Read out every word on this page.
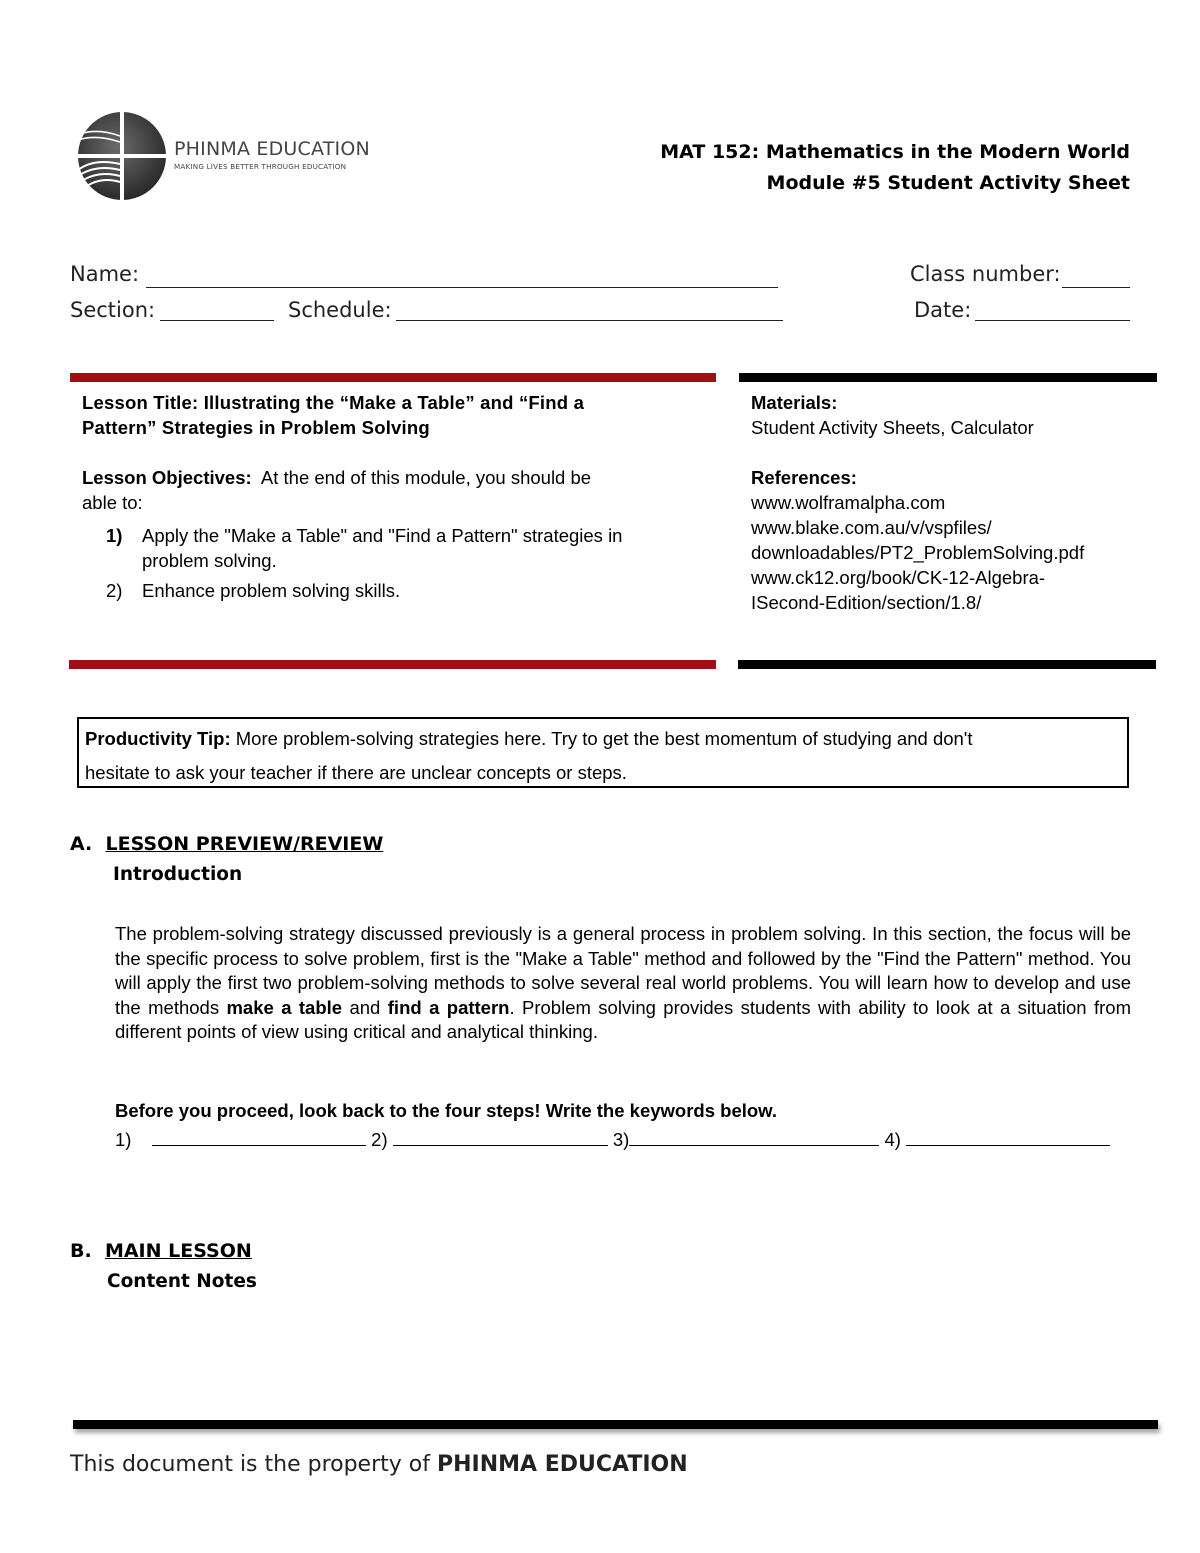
PHINMA EDUCATION
MAKING LIVES BETTER THROUGH EDUCATION
MAT 152: Mathematics in the Modern World
Module #5 Student Activity Sheet
Name:	Class number:
Section:	Schedule:	Date:
Lesson Title: Illustrating the “Make a Table” and “Find a
Pattern” Strategies in Problem Solving
Lesson Objectives: At the end of this module, you should be
able to:
1) Apply the "Make a Table" and "Find a Pattern" strategies in
problem solving.
2) Enhance problem solving skills.
Materials:
Student Activity Sheets, Calculator
References:
www.wolframalpha.com
www.blake.com.au/v/vspfiles/
downloadables/PT2_ProblemSolving.pdf
www.ck12.org/book/CK-12-Algebra-
ISecond-Edition/section/1.8/
Productivity Tip: More problem-solving strategies here. Try to get the best momentum of studying and don't
hesitate to ask your teacher if there are unclear concepts or steps.
A. LESSON PREVIEW/REVIEW
Introduction
The problem-solving strategy discussed previously is a general process in problem solving. In this section, the focus will be the specific process to solve problem, first is the "Make a Table" method and followed by the "Find the Pattern" method. You will apply the first two problem-solving methods to solve several real world problems. You will learn how to develop and use the methods make a table and find a pattern. Problem solving provides students with ability to look at a situation from different points of view using critical and analytical thinking.
Before you proceed, look back to the four steps! Write the keywords below.
1)	2)	3)	4)
B. MAIN LESSON
Content Notes
This document is the property of PHINMA EDUCATION
